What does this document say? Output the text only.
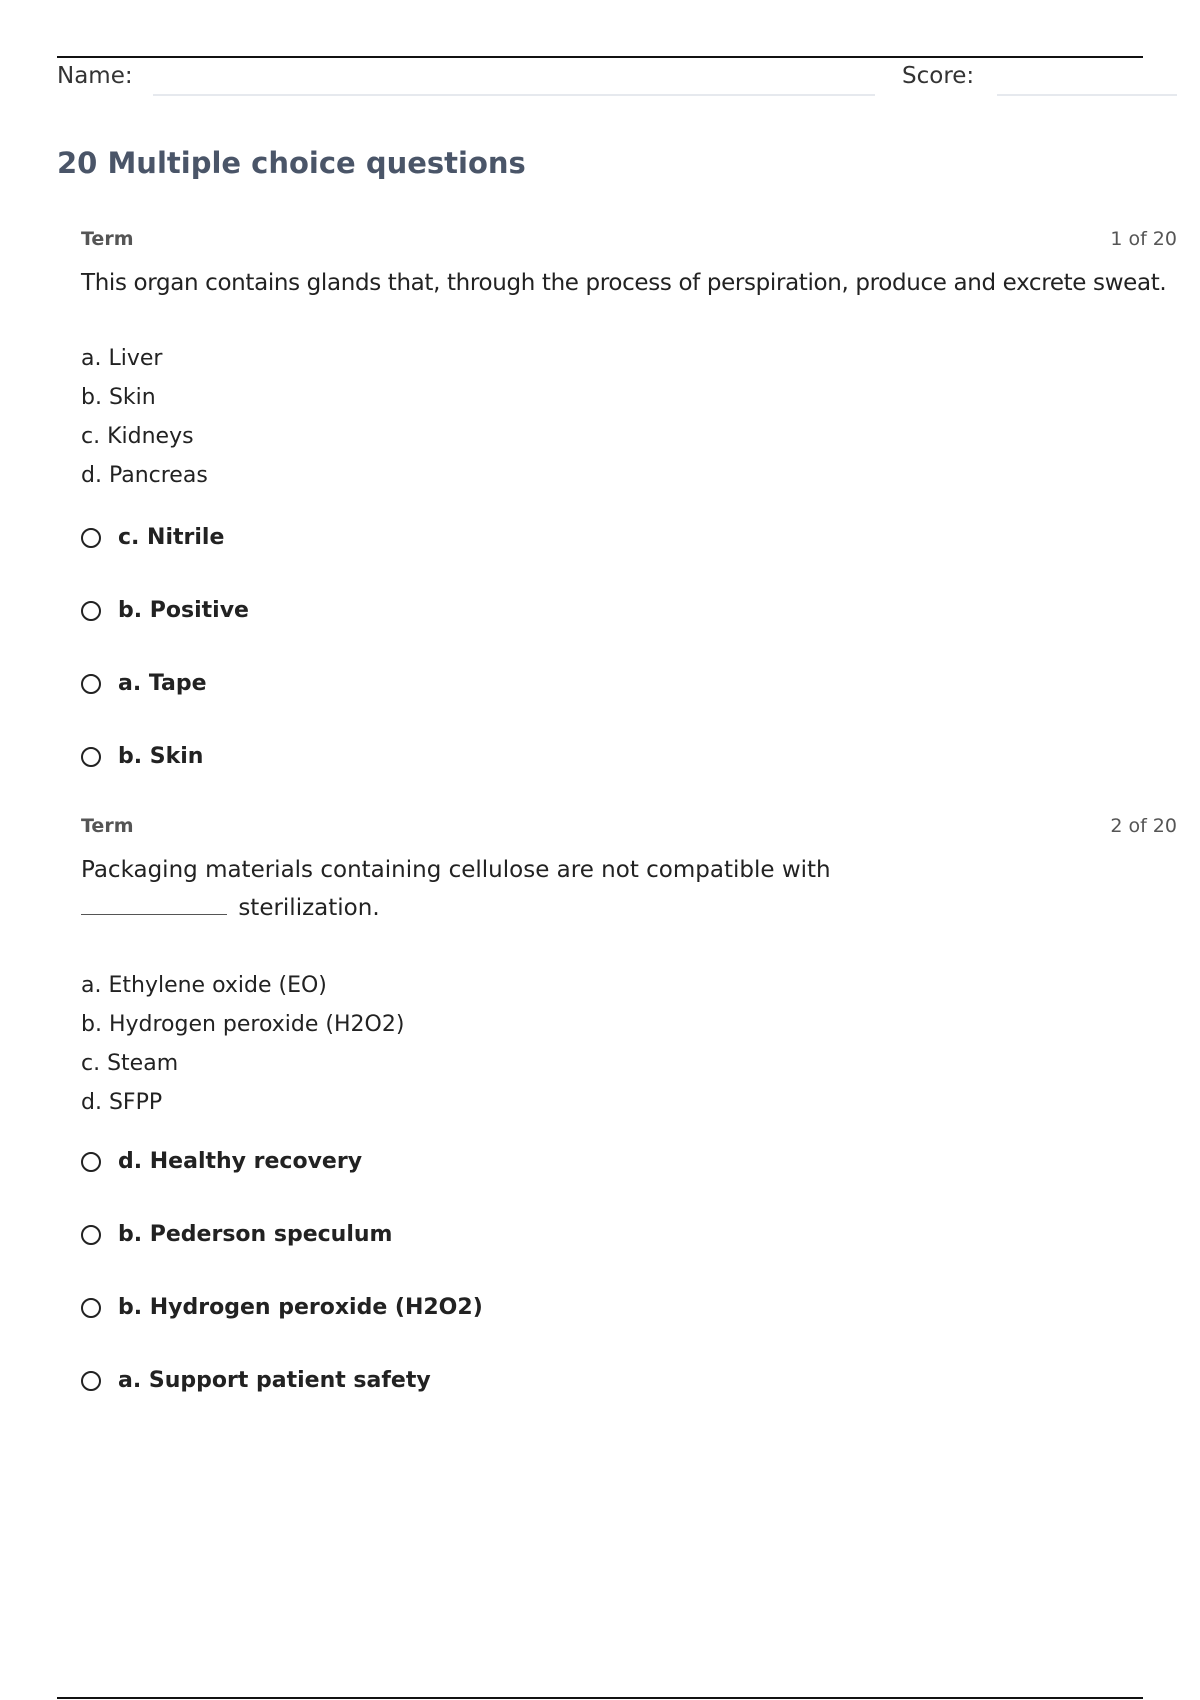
Name:	Score:
20 Multiple choice questions
Term	1 of 20

This organ contains glands that, through the process of perspiration, produce and excrete sweat.

a. Liver
b. Skin
c. Kidneys
d. Pancreas
c. Nitrile
b. Positive
a. Tape
b. Skin
Term	2 of 20

Packaging materials containing cellulose are not compatible with
sterilization.

a. Ethylene oxide (EO)
b. Hydrogen peroxide (H2O2)
c. Steam
d. SFPP
d. Healthy recovery
b. Pederson speculum
b. Hydrogen peroxide (H2O2)
a. Support patient safety
